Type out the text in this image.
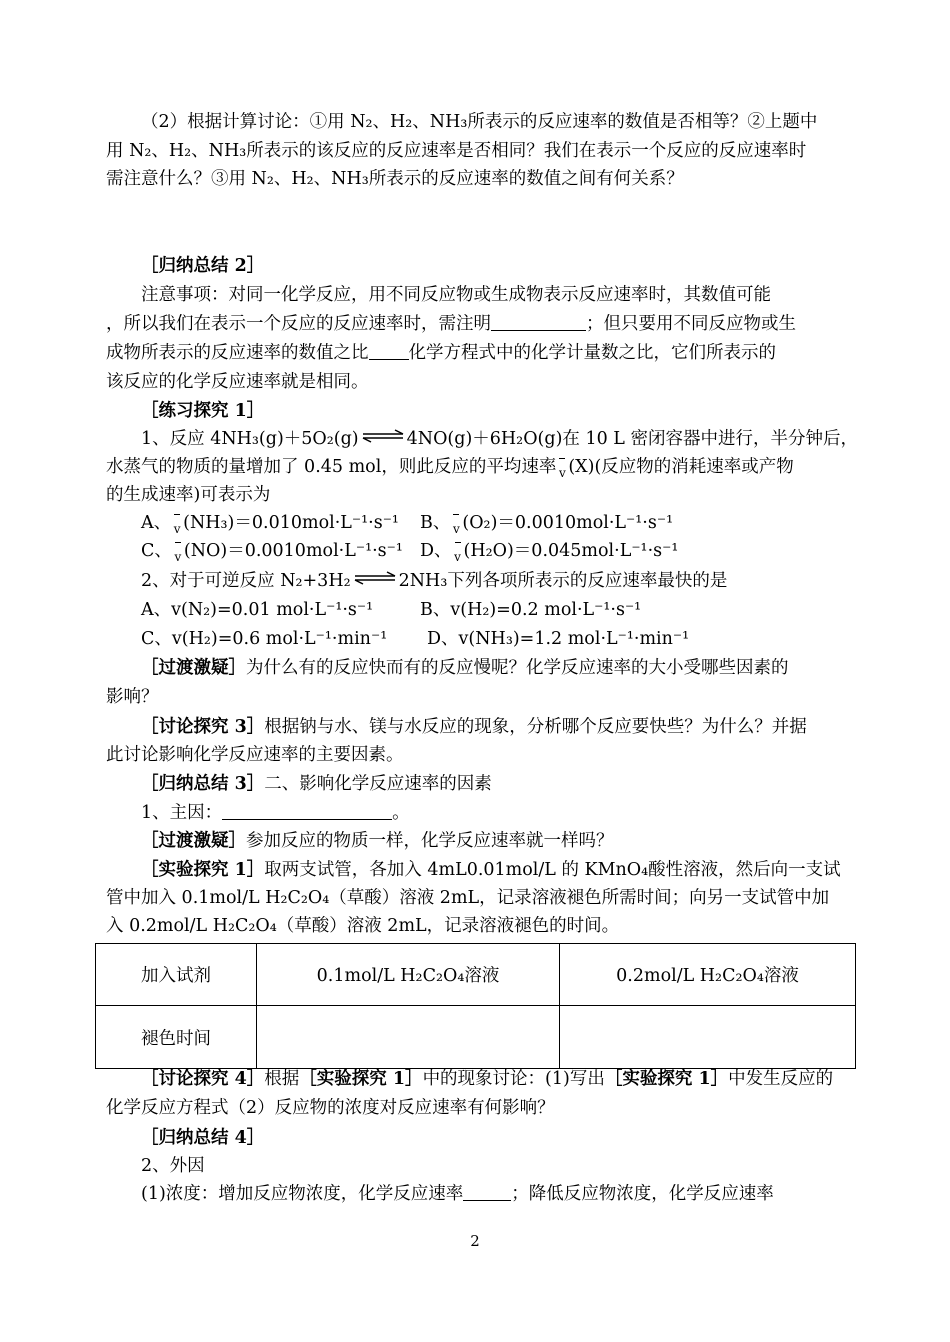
（2）根据计算讨论：①用 N₂、H₂、NH₃所表示的反应速率的数值是否相等？②上题中
用 N₂、H₂、NH₃所表示的该反应的反应速率是否相同？我们在表示一个反应的反应速率时
需注意什么？③用 N₂、H₂、NH₃所表示的反应速率的数值之间有何关系？
［归纳总结 2］
注意事项：对同一化学反应，用不同反应物或生成物表示反应速率时，其数值可能
，所以我们在表示一个反应的反应速率时，需注明	；但只要用不同反应物或生
成物所表示的反应速率的数值之比 化学方程式中的化学计量数之比，它们所表示的
该反应的化学反应速率就是相同。
［练习探究 1］
1、反应 4NH₃(g)＋5O₂(g)⇌4NO(g)＋6H₂O(g)在 10 L 密闭容器中进行，半分钟后，
水蒸气的物质的量增加了 0.45 mol，则此反应的平均速率 v (X)(反应物的消耗速率或产物
的生成速率)可表示为
A、 v (NH₃)＝0.010mol·L⁻¹·s⁻¹ B、 v (O₂)＝0.0010mol·L⁻¹·s⁻¹
C、 v (NO)＝0.0010mol·L⁻¹·s⁻¹ D、 v (H₂O)＝0.045mol·L⁻¹·s⁻¹
2、对于可逆反应 N₂+3H₂⇌2NH₃下列各项所表示的反应速率最快的是
A、v(N₂)=0.01 mol·L⁻¹·s⁻¹	B、v(H₂)=0.2 mol·L⁻¹·s⁻¹
C、v(H₂)=0.6 mol·L⁻¹·min⁻¹ D、v(NH₃)=1.2 mol·L⁻¹·min⁻¹
［过渡激疑］为什么有的反应快而有的反应慢呢？化学反应速率的大小受哪些因素的
影响？
［讨论探究 3］根据钠与水、镁与水反应的现象，分析哪个反应要快些？为什么？并据
此讨论影响化学反应速率的主要因素。
［归纳总结 3］二、影响化学反应速率的因素
1、主因：	。
［过渡激疑］参加反应的物质一样，化学反应速率就一样吗？
［实验探究 1］取两支试管，各加入 4mL0.01mol/L 的 KMnO₄酸性溶液，然后向一支试
管中加入 0.1mol/L H₂C₂O₄（草酸）溶液 2mL，记录溶液褪色所需时间；向另一支试管中加
入 0.2mol/L H₂C₂O₄（草酸）溶液 2mL，记录溶液褪色的时间。
加入试剂	0.1mol/L H₂C₂O₄溶液	0.2mol/L H₂C₂O₄溶液
褪色时间		
［讨论探究 4］根据［实验探究 1］中的现象讨论：(1)写出［实验探究 1］中发生反应的
化学反应方程式（2）反应物的浓度对反应速率有何影响？
［归纳总结 4］
2、外因
(1)浓度：增加反应物浓度，化学反应速率	；降低反应物浓度，化学反应速率
2
